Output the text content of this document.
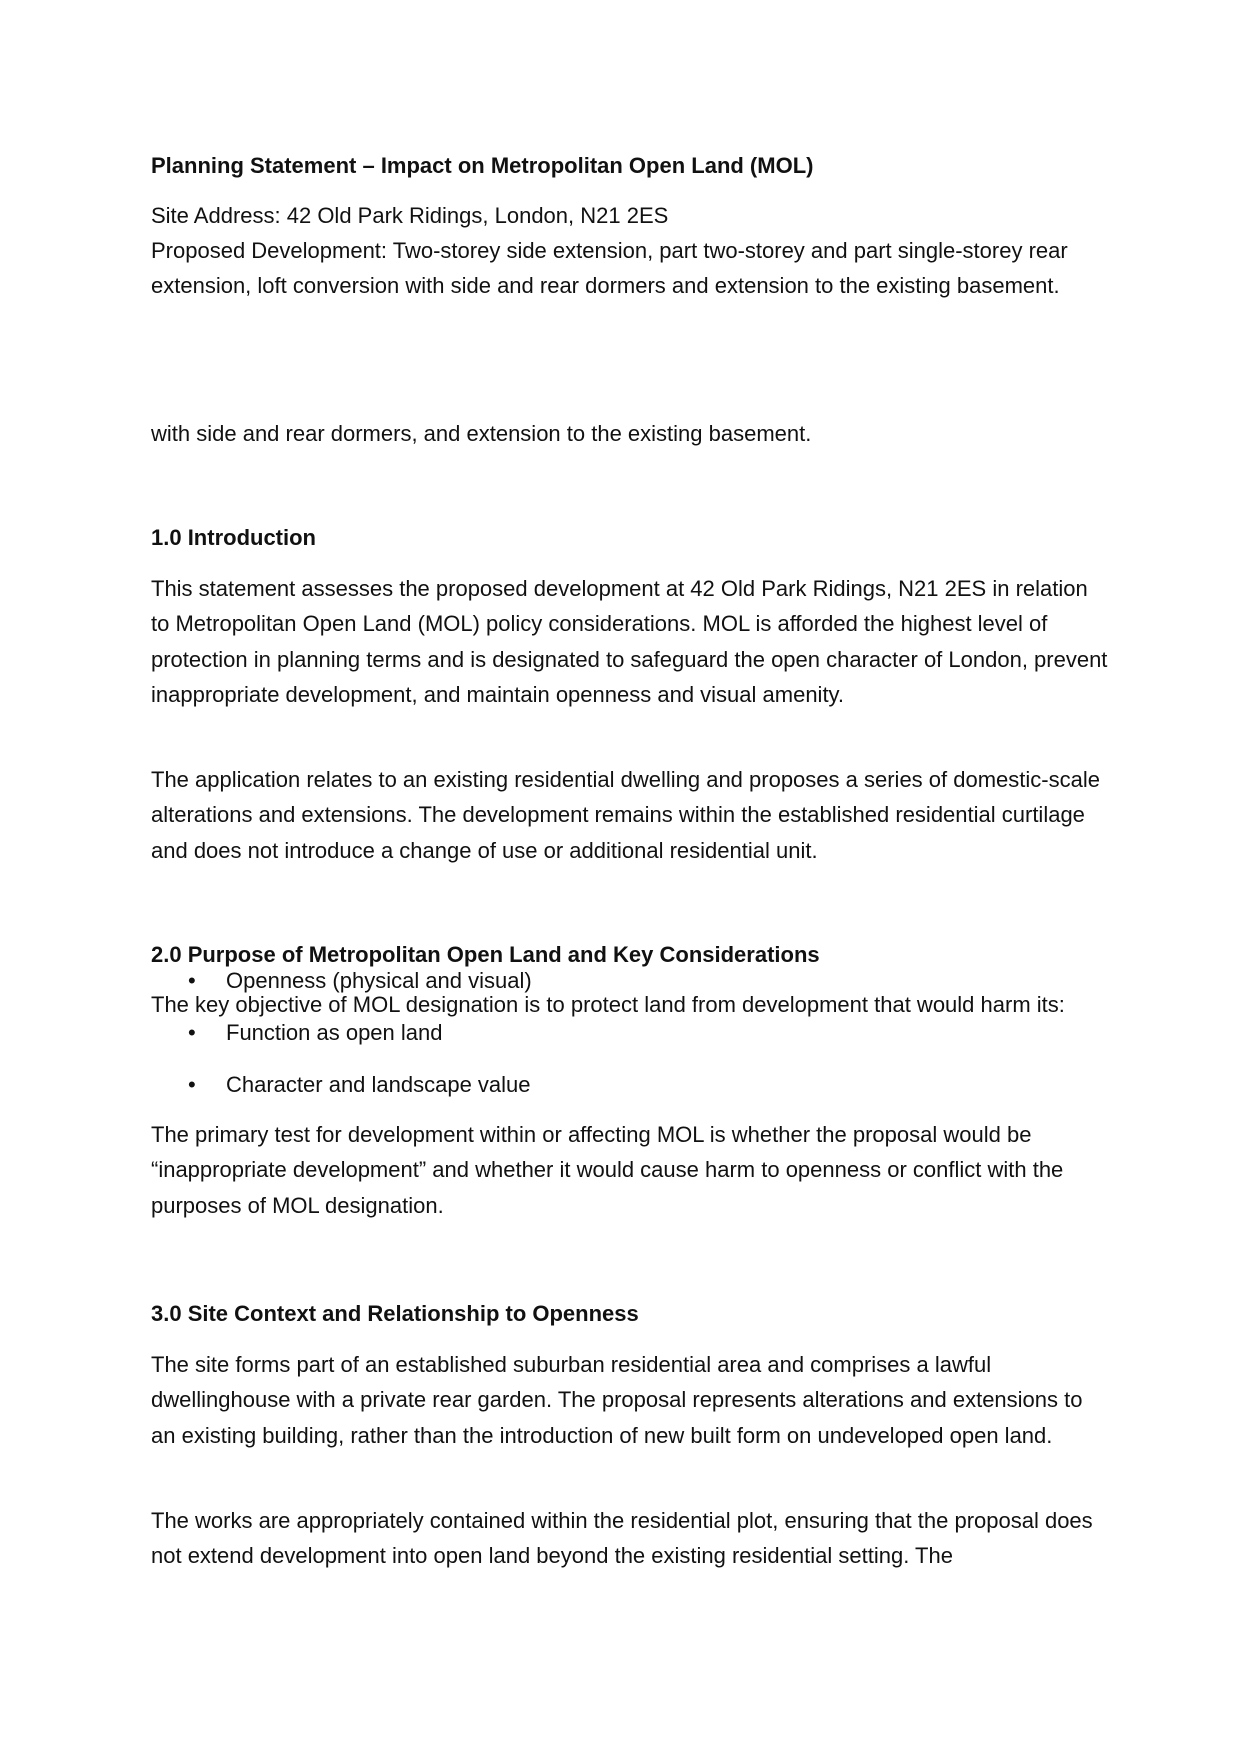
Planning Statement – Impact on Metropolitan Open Land (MOL)

Site Address: 42 Old Park Ridings, London, N21 2ES

Proposed Development: Two-storey side extension, part two-storey and part single-storey rear extension, loft conversion with side and rear dormers and extension to the existing basement.

with side and rear dormers, and extension to the existing basement.

1.0 Introduction

This statement assesses the proposed development at 42 Old Park Ridings, N21 2ES in relation to Metropolitan Open Land (MOL) policy considerations. MOL is afforded the highest level of protection in planning terms and is designated to safeguard the open character of London, prevent inappropriate development, and maintain openness and visual amenity.

The application relates to an existing residential dwelling and proposes a series of domestic-scale alterations and extensions. The development remains within the established residential curtilage and does not introduce a change of use or additional residential unit.

2.0 Purpose of Metropolitan Open Land and Key Considerations

The key objective of MOL designation is to protect land from development that would harm its:

• Openness (physical and visual)
• Function as open land
• Character and landscape value

The primary test for development within or affecting MOL is whether the proposal would be “inappropriate development” and whether it would cause harm to openness or conflict with the purposes of MOL designation.

3.0 Site Context and Relationship to Openness

The site forms part of an established suburban residential area and comprises a lawful dwellinghouse with a private rear garden. The proposal represents alterations and extensions to an existing building, rather than the introduction of new built form on undeveloped open land.

The works are appropriately contained within the residential plot, ensuring that the proposal does not extend development into open land beyond the existing residential setting. The
